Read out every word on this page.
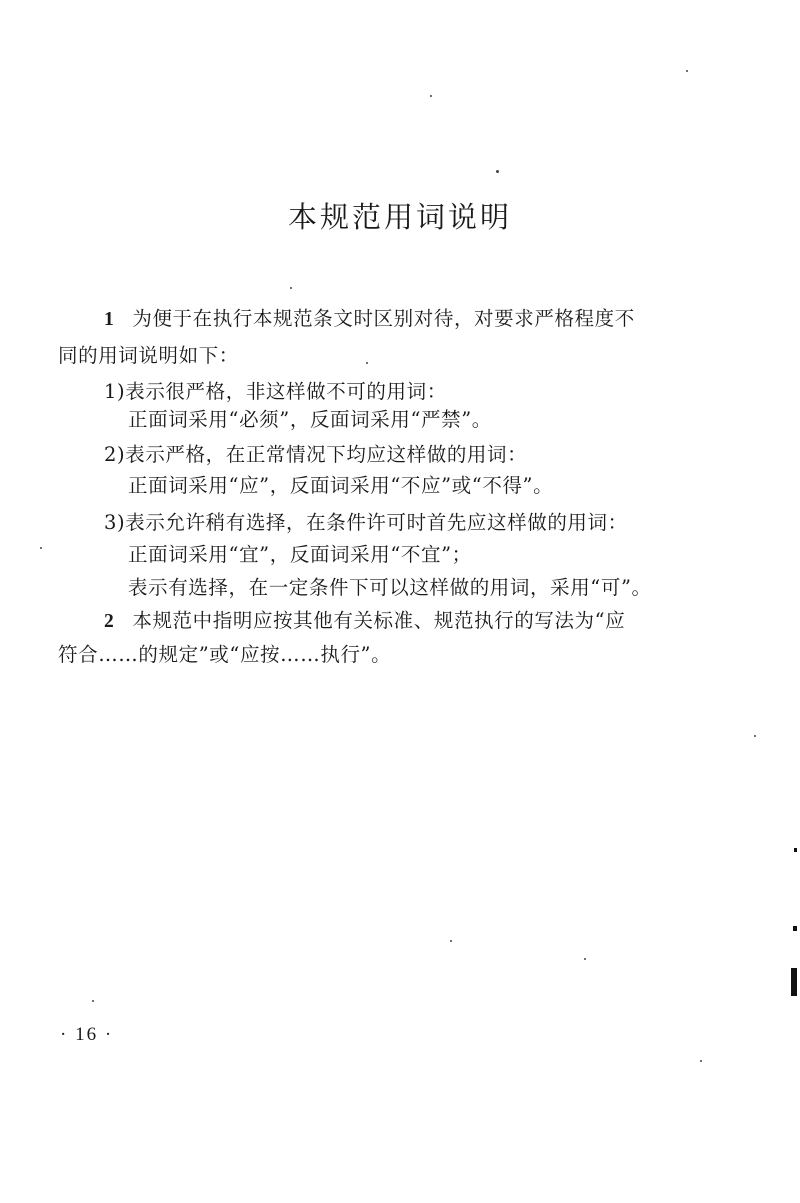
本规范用词说明
1 为便于在执行本规范条文时区别对待，对要求严格程度不
同的用词说明如下：
1)表示很严格，非这样做不可的用词：
正面词采用“必须”，反面词采用“严禁”。
2)表示严格，在正常情况下均应这样做的用词：
正面词采用“应”，反面词采用“不应”或“不得”。
3)表示允许稍有选择，在条件许可时首先应这样做的用词：
正面词采用“宜”，反面词采用“不宜”；
表示有选择，在一定条件下可以这样做的用词，采用“可”。
2 本规范中指明应按其他有关标准、规范执行的写法为“应
符合……的规定”或“应按……执行”。
· 16 ·
